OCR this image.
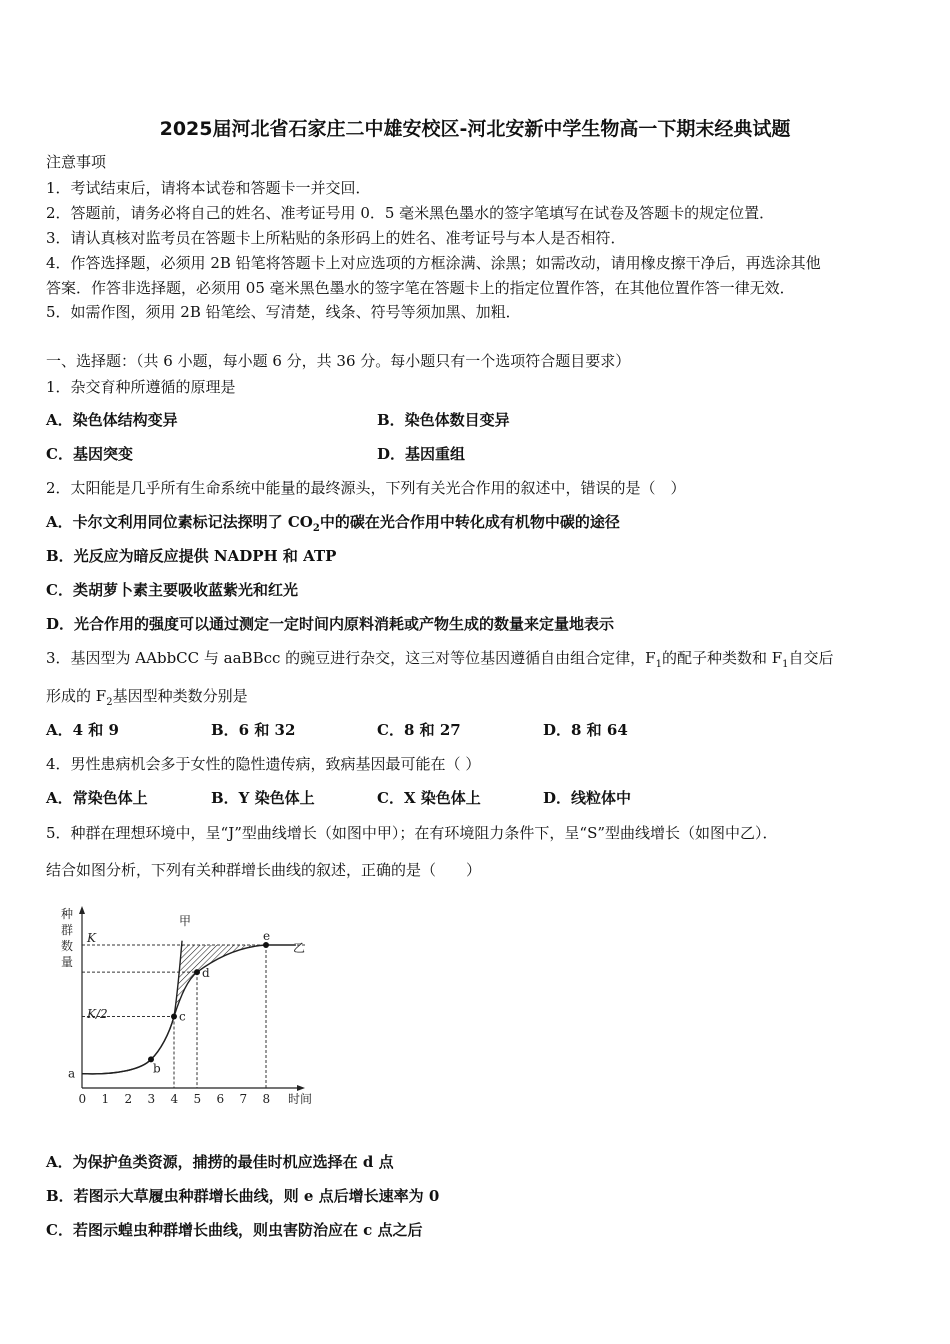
2025届河北省石家庄二中雄安校区-河北安新中学生物高一下期末经典试题
注意事项
1．考试结束后，请将本试卷和答题卡一并交回．
2．答题前，请务必将自己的姓名、准考证号用 0．5 毫米黑色墨水的签字笔填写在试卷及答题卡的规定位置．
3．请认真核对监考员在答题卡上所粘贴的条形码上的姓名、准考证号与本人是否相符．
4．作答选择题，必须用 2B 铅笔将答题卡上对应选项的方框涂满、涂黑；如需改动，请用橡皮擦干净后，再选涂其他
答案．作答非选择题，必须用 05 毫米黑色墨水的签字笔在答题卡上的指定位置作答，在其他位置作答一律无效．
5．如需作图，须用 2B 铅笔绘、写清楚，线条、符号等须加黑、加粗．
一、选择题：（共 6 小题，每小题 6 分，共 36 分。每小题只有一个选项符合题目要求）
1．杂交育种所遵循的原理是
A．染色体结构变异	B．染色体数目变异
C．基因突变	D．基因重组
2．太阳能是几乎所有生命系统中能量的最终源头，下列有关光合作用的叙述中，错误的是（　）
A．卡尔文利用同位素标记法探明了 $CO_2$中的碳在光合作用中转化成有机物中碳的途径
B．光反应为暗反应提供 NADPH 和 ATP
C．类胡萝卜素主要吸收蓝紫光和红光
D．光合作用的强度可以通过测定一定时间内原料消耗或产物生成的数量来定量地表示
3．基因型为 AAbbCC 与 aaBBcc 的豌豆进行杂交，这三对等位基因遵循自由组合定律，$F_1$的配子种类数和 $F_1$自交后
形成的 $F_2$基因型种类数分别是
A．4 和 9	B．6 和 32	C．8 和 27	D．8 和 64
4．男性患病机会多于女性的隐性遗传病，致病基因最可能在（ ）
A．常染色体上	B．Y 染色体上	C．X 染色体上	D．线粒体中
5．种群在理想环境中，呈“J”型曲线增长（如图中甲）；在有环境阻力条件下，呈“S”型曲线增长（如图中乙）．
结合如图分析，下列有关种群增长曲线的叙述，正确的是（　　）
种
群
数
量
时间
K
K/2
甲
乙
0 1 2 3 4 5 6 7 8
a	b
c
d
e
A．为保护鱼类资源，捕捞的最佳时机应选择在 d 点
B．若图示大草履虫种群增长曲线，则 e 点后增长速率为 0
C．若图示蝗虫种群增长曲线，则虫害防治应在 c 点之后
